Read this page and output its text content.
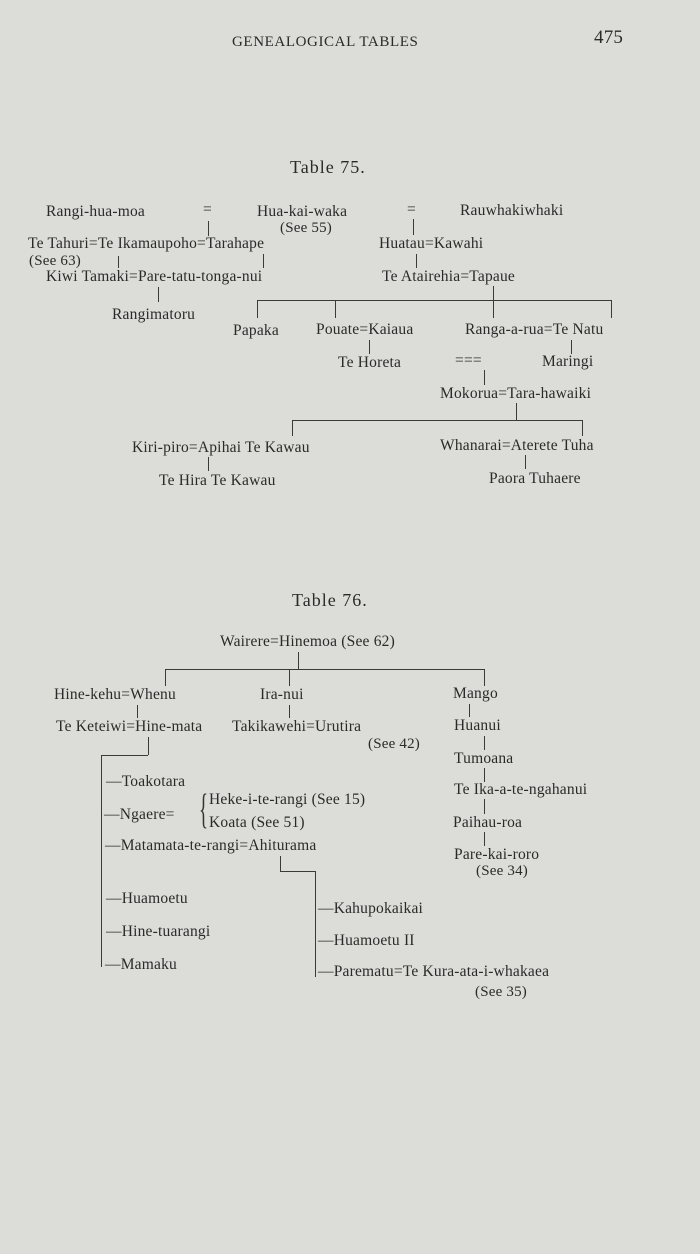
GENEALOGICAL TABLES	475
Table 75.
Rangi-hua-moa	=	Hua-kai-waka
(See 55)
=	Rauwhakiwhaki
Te Tahuri=Te Ikamaupoho=Tarahape
(See 63)
Huatau=Kawahi
Kiwi Tamaki=Pare-tatu-tonga-nui	Te Atairehia=Tapaue
Rangimatoru
Papaka Pouate=Kaiaua	Ranga-a-rua=Te Natu
Te Horeta	===	Maringi
Mokorua=Tara-hawaiki
Kiri-piro=Apihai Te Kawau	Whanarai=Aterete Tuha
Te Hira Te Kawau	Paora Tuhaere
Table 76.
Wairere=Hinemoa (See 62)
Hine-kehu=Whenu	Ira-nui	Mango
Te Keteiwi=Hine-mata Takikawehi=Urutira
(See 42)
Huanui
Tumoana
Te Ika-a-te-ngahanui
Paihau-roa
Pare-kai-roro
(See 34)
—Toakotara
—Ngaere= { Heke-i-te-rangi (See 15)
Koata (See 51)
—Matamata-te-rangi=Ahiturama
—Huamoetu
—Hine-tuarangi
—Mamaku
—Kahupokaikai
—Huamoetu II
—Parematu=Te Kura-ata-i-whakaea
(See 35)
